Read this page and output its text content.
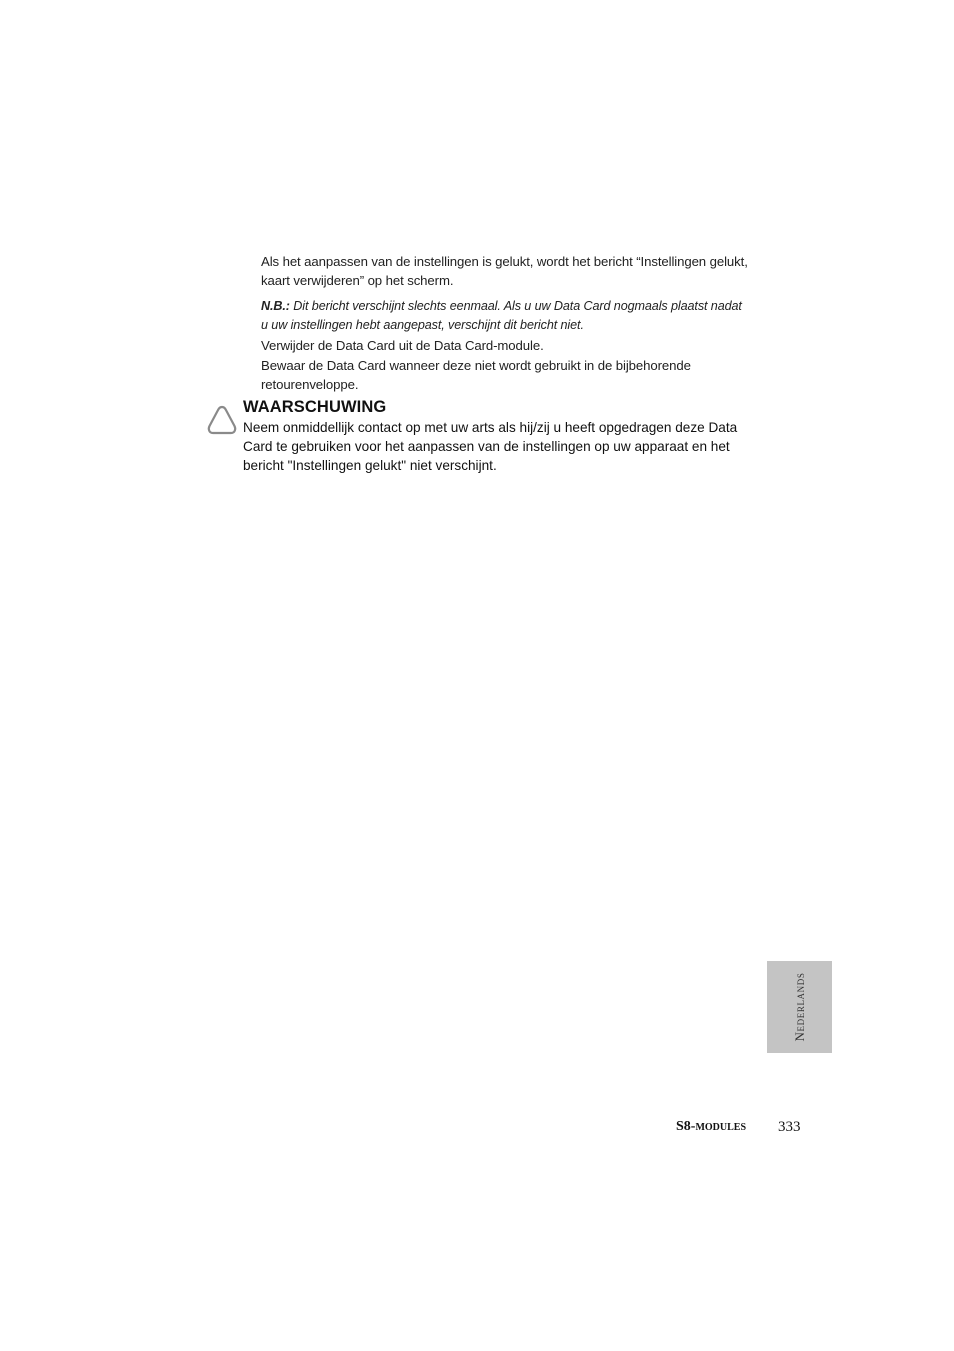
Als het aanpassen van de instellingen is gelukt, wordt het bericht “Instellingen gelukt, kaart verwijderen” op het scherm.

N.B.: Dit bericht verschijnt slechts eenmaal. Als u uw Data Card nogmaals plaatst nadat u uw instellingen hebt aangepast, verschijnt dit bericht niet.

Verwijder de Data Card uit de Data Card-module.

Bewaar de Data Card wanneer deze niet wordt gebruikt in de bijbehorende retourenveloppe.

WAARSCHUWING
Neem onmiddellijk contact op met uw arts als hij/zij u heeft opgedragen deze Data Card te gebruiken voor het aanpassen van de instellingen op uw apparaat en het bericht "Instellingen gelukt" niet verschijnt.
Nederlands
S8-modules 333
